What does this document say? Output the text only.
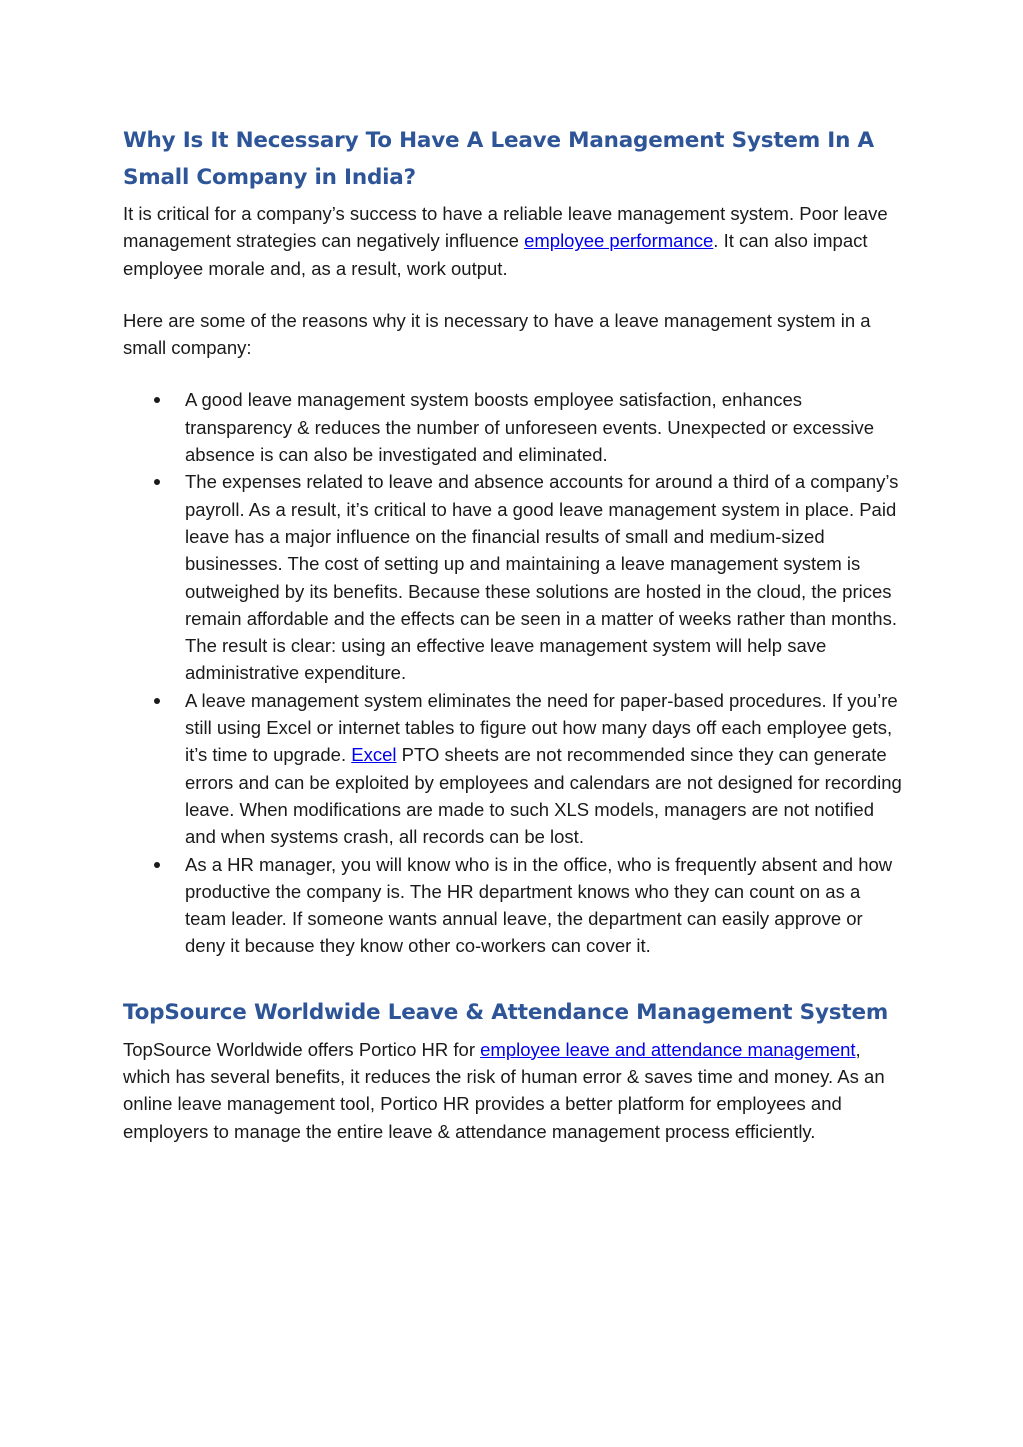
Why Is It Necessary To Have A Leave Management System In A Small Company in India?

It is critical for a company’s success to have a reliable leave management system. Poor leave management strategies can negatively influence employee performance. It can also impact employee morale and, as a result, work output.

Here are some of the reasons why it is necessary to have a leave management system in a small company:

A good leave management system boosts employee satisfaction, enhances transparency & reduces the number of unforeseen events. Unexpected or excessive absence is can also be investigated and eliminated.
The expenses related to leave and absence accounts for around a third of a company’s payroll. As a result, it’s critical to have a good leave management system in place. Paid leave has a major influence on the financial results of small and medium-sized businesses. The cost of setting up and maintaining a leave management system is outweighed by its benefits. Because these solutions are hosted in the cloud, the prices remain affordable and the effects can be seen in a matter of weeks rather than months. The result is clear: using an effective leave management system will help save administrative expenditure.
A leave management system eliminates the need for paper-based procedures. If you’re still using Excel or internet tables to figure out how many days off each employee gets, it’s time to upgrade. Excel PTO sheets are not recommended since they can generate errors and can be exploited by employees and calendars are not designed for recording leave. When modifications are made to such XLS models, managers are not notified and when systems crash, all records can be lost.
As a HR manager, you will know who is in the office, who is frequently absent and how productive the company is. The HR department knows who they can count on as a team leader. If someone wants annual leave, the department can easily approve or deny it because they know other co-workers can cover it.
TopSource Worldwide Leave & Attendance Management System

TopSource Worldwide offers Portico HR for employee leave and attendance management, which has several benefits, it reduces the risk of human error & saves time and money. As an online leave management tool, Portico HR provides a better platform for employees and employers to manage the entire leave & attendance management process efficiently.
